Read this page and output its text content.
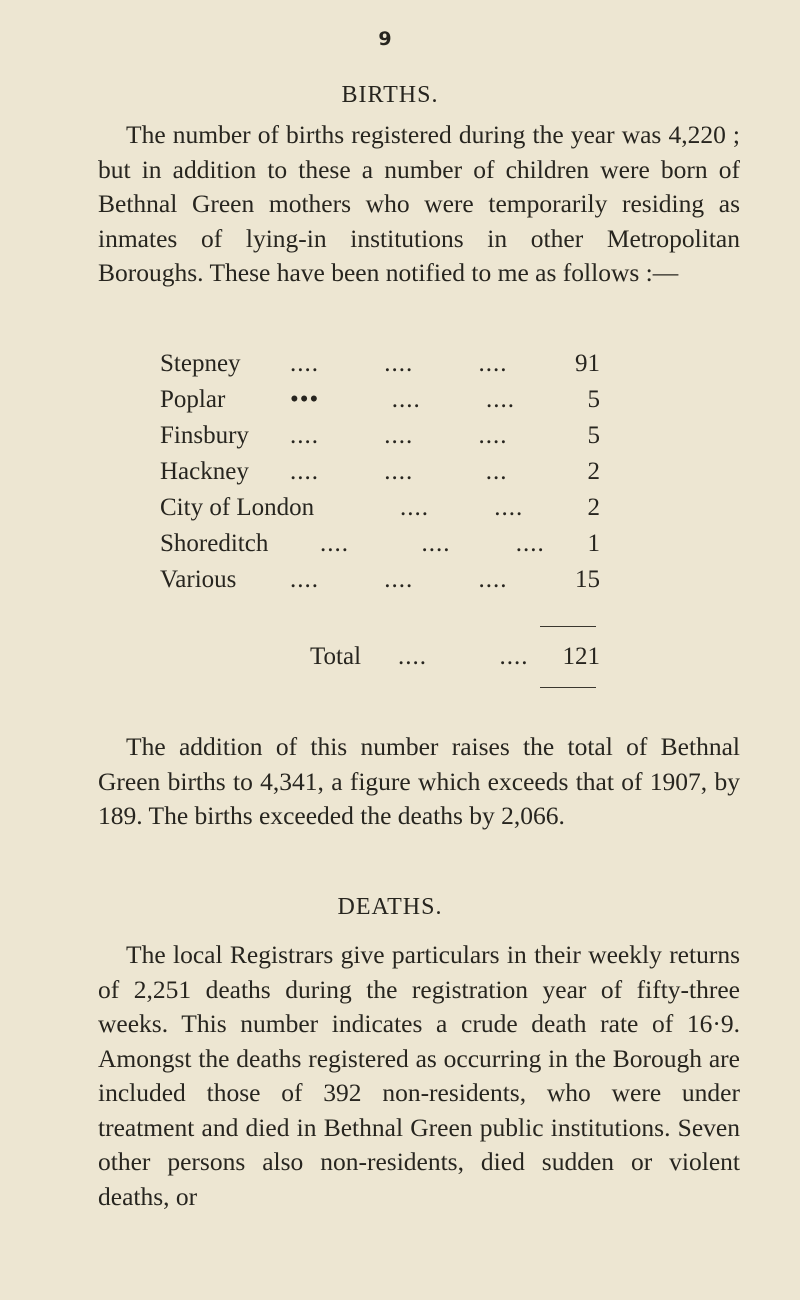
9
BIRTHS.

The number of births registered during the year was 4,220 ; but in addition to these a number of children were born of Bethnal Green mothers who were temporarily residing as inmates of lying-in institutions in other Metropolitan Boroughs. These have been notified to me as follows :—

Stepney ....         ....         ....	91
Poplar	•••          ....         ....	5
Finsbury ....         ....         ....	5
Hackney ....         ....          ...	2
City of London	....         ....	2
Shoreditch ....          ....         .... 1
Various ....         ....         ....	15
Total ....          .... 121

The addition of this number raises the total of Bethnal Green births to 4,341, a figure which exceeds that of 1907, by 189. The births exceeded the deaths by 2,066.

DEATHS.

The local Registrars give particulars in their weekly returns of 2,251 deaths during the registration year of fifty-three weeks. This number indicates a crude death rate of 16·9. Amongst the deaths registered as occurring in the Borough are included those of 392 non-residents, who were under treatment and died in Bethnal Green public institutions. Seven other persons also non-residents, died sudden or violent deaths, or
